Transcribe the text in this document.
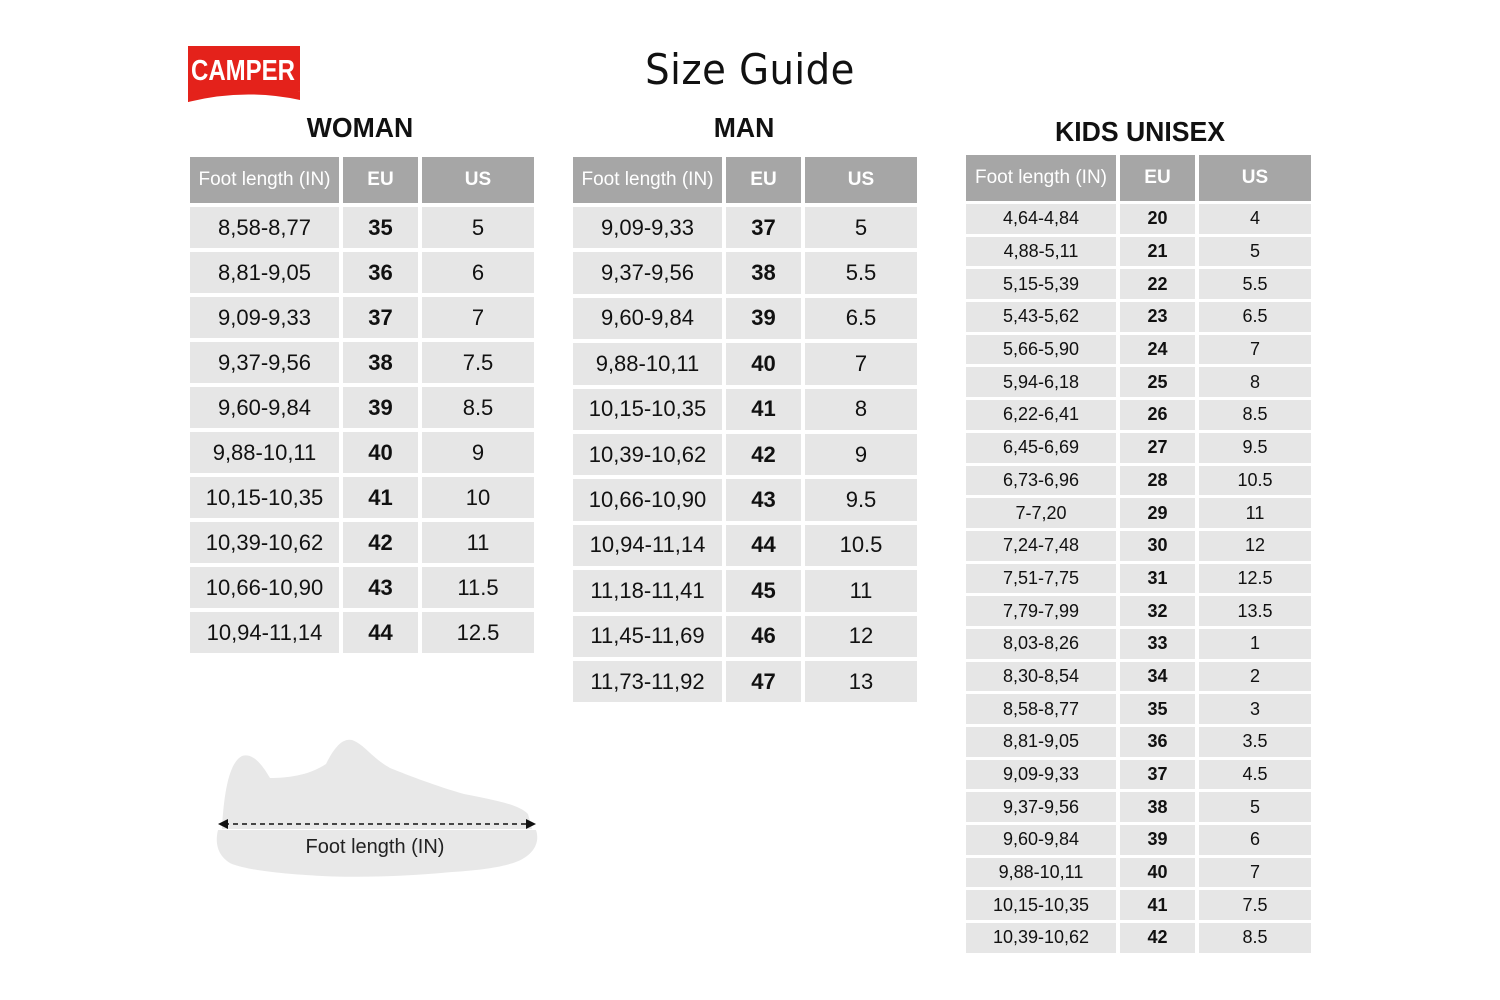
CAMPER	Size Guide
WOMAN	MAN	KIDS UNISEX
Foot length (IN)	EU	US
8,58-8,77	35	5
8,81-9,05	36	6
9,09-9,33	37	7
9,37-9,56	38	7.5
9,60-9,84	39	8.5
9,88-10,11	40	9
10,15-10,35	41	10
10,39-10,62	42	11
10,66-10,90	43	11.5
10,94-11,14	44	12.5
Foot length (IN)	EU	US
9,09-9,33	37	5
9,37-9,56	38	5.5
9,60-9,84	39	6.5
9,88-10,11	40	7
10,15-10,35	41	8
10,39-10,62	42	9
10,66-10,90	43	9.5
10,94-11,14	44	10.5
11,18-11,41	45	11
11,45-11,69	46	12
11,73-11,92	47	13
Foot length (IN)	EU	US
4,64-4,84	20	4
4,88-5,11	21	5
5,15-5,39	22	5.5
5,43-5,62	23	6.5
5,66-5,90	24	7
5,94-6,18	25	8
6,22-6,41	26	8.5
6,45-6,69	27	9.5
6,73-6,96	28	10.5
7-7,20	29	11
7,24-7,48	30	12
7,51-7,75	31	12.5
7,79-7,99	32	13.5
8,03-8,26	33	1
8,30-8,54	34	2
8,58-8,77	35	3
8,81-9,05	36	3.5
9,09-9,33	37	4.5
9,37-9,56	38	5
9,60-9,84	39	6
9,88-10,11	40	7
10,15-10,35	41	7.5
10,39-10,62	42	8.5
Foot length (IN)
